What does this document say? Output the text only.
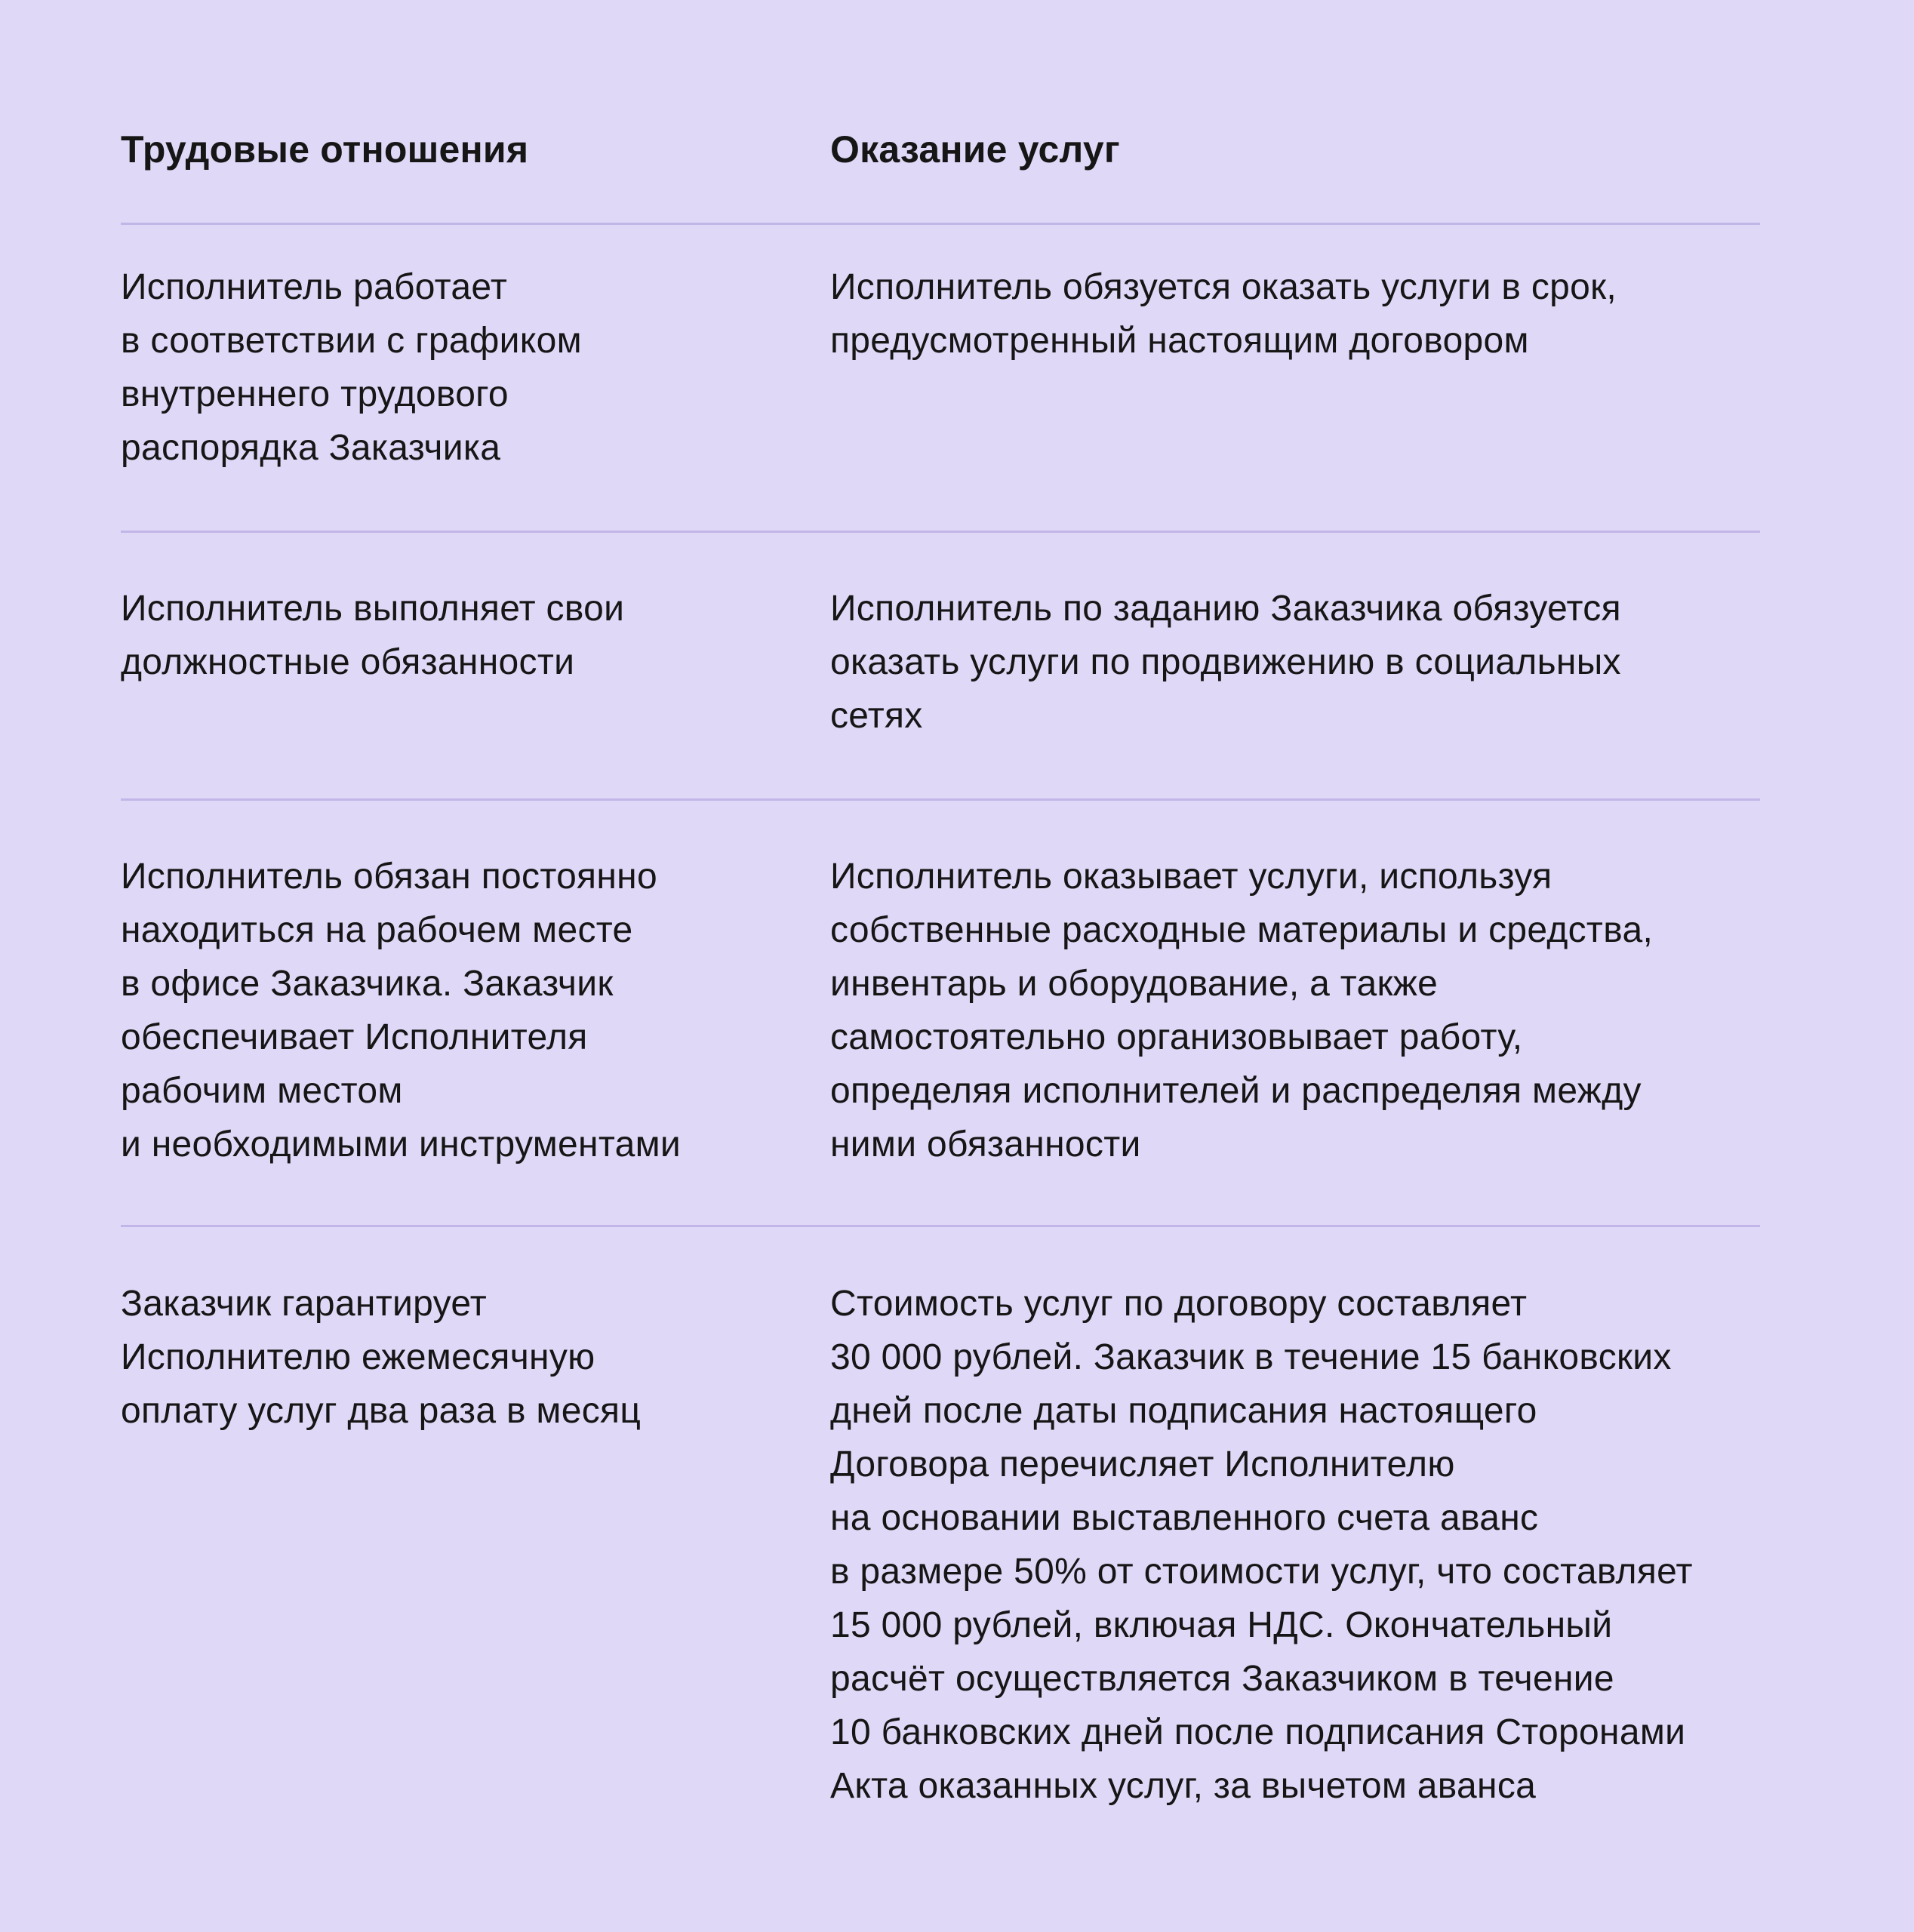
Трудовые отношения	Оказание услуг
Исполнитель работает
в соответствии с графиком
внутреннего трудового
распорядка Заказчика
Исполнитель обязуется оказать услуги в срок,
предусмотренный настоящим договором
Исполнитель выполняет свои
должностные обязанности
Исполнитель по заданию Заказчика обязуется
оказать услуги по продвижению в социальных
сетях
Исполнитель обязан постоянно
находиться на рабочем месте
в офисе Заказчика. Заказчик
обеспечивает Исполнителя
рабочим местом
и необходимыми инструментами
Исполнитель оказывает услуги, используя
собственные расходные материалы и средства,
инвентарь и оборудование, а также
самостоятельно организовывает работу,
определяя исполнителей и распределяя между
ними обязанности
Заказчик гарантирует
Исполнителю ежемесячную
оплату услуг два раза в месяц
Стоимость услуг по договору составляет
30 000 рублей. Заказчик в течение 15 банковских
дней после даты подписания настоящего
Договора перечисляет Исполнителю
на основании выставленного счета аванс
в размере 50% от стоимости услуг, что составляет
15 000 рублей, включая НДС. Окончательный
расчёт осуществляется Заказчиком в течение
10 банковских дней после подписания Сторонами
Акта оказанных услуг, за вычетом аванса
